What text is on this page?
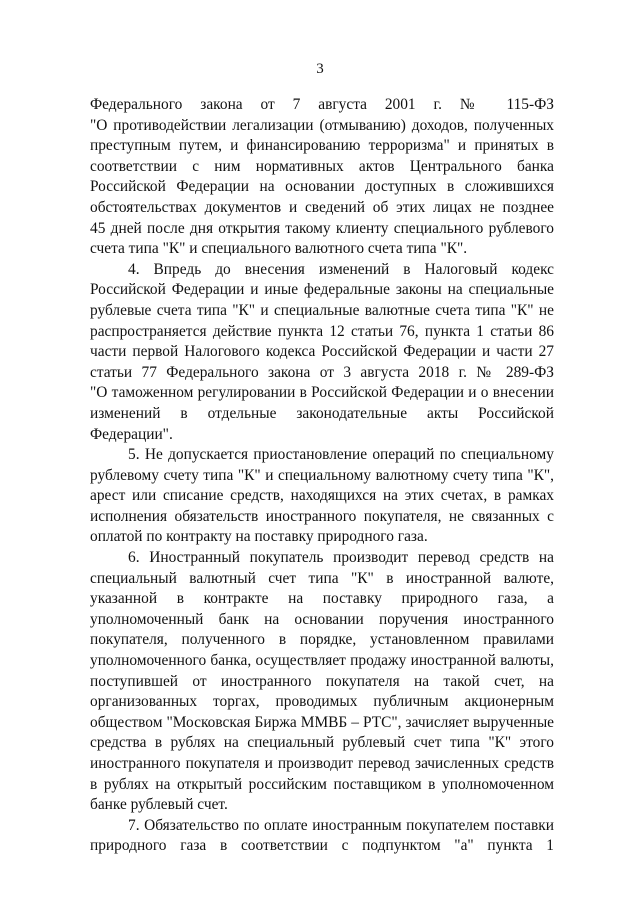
3
Федерального закона от 7 августа 2001 г. № 115-ФЗ
"О противодействии легализации (отмыванию) доходов, полученных
преступным путем, и финансированию терроризма" и принятых в
соответствии с ним нормативных актов Центрального банка
Российской Федерации на основании доступных в сложившихся
обстоятельствах документов и сведений об этих лицах не позднее
45 дней после дня открытия такому клиенту специального рублевого
счета типа "К" и специального валютного счета типа "К".
4. Впредь до внесения изменений в Налоговый кодекс
Российской Федерации и иные федеральные законы на специальные
рублевые счета типа "К" и специальные валютные счета типа "К" не
распространяется действие пункта 12 статьи 76, пункта 1 статьи 86
части первой Налогового кодекса Российской Федерации и части 27
статьи 77 Федерального закона от 3 августа 2018 г. № 289-ФЗ
"О таможенном регулировании в Российской Федерации и о внесении
изменений в отдельные законодательные акты Российской
Федерации".
5. Не допускается приостановление операций по специальному
рублевому счету типа "К" и специальному валютному счету типа "К",
арест или списание средств, находящихся на этих счетах, в рамках
исполнения обязательств иностранного покупателя, не связанных с
оплатой по контракту на поставку природного газа.
6. Иностранный покупатель производит перевод средств на
специальный валютный счет типа "К" в иностранной валюте,
указанной в контракте на поставку природного газа, а
уполномоченный банк на основании поручения иностранного
покупателя, полученного в порядке, установленном правилами
уполномоченного банка, осуществляет продажу иностранной валюты,
поступившей от иностранного покупателя на такой счет, на
организованных торгах, проводимых публичным акционерным
обществом "Московская Биржа ММВБ – РТС", зачисляет вырученные
средства в рублях на специальный рублевый счет типа "К" этого
иностранного покупателя и производит перевод зачисленных средств
в рублях на открытый российским поставщиком в уполномоченном
банке рублевый счет.
7. Обязательство по оплате иностранным покупателем поставки
природного газа в соответствии с подпунктом "а" пункта 1
